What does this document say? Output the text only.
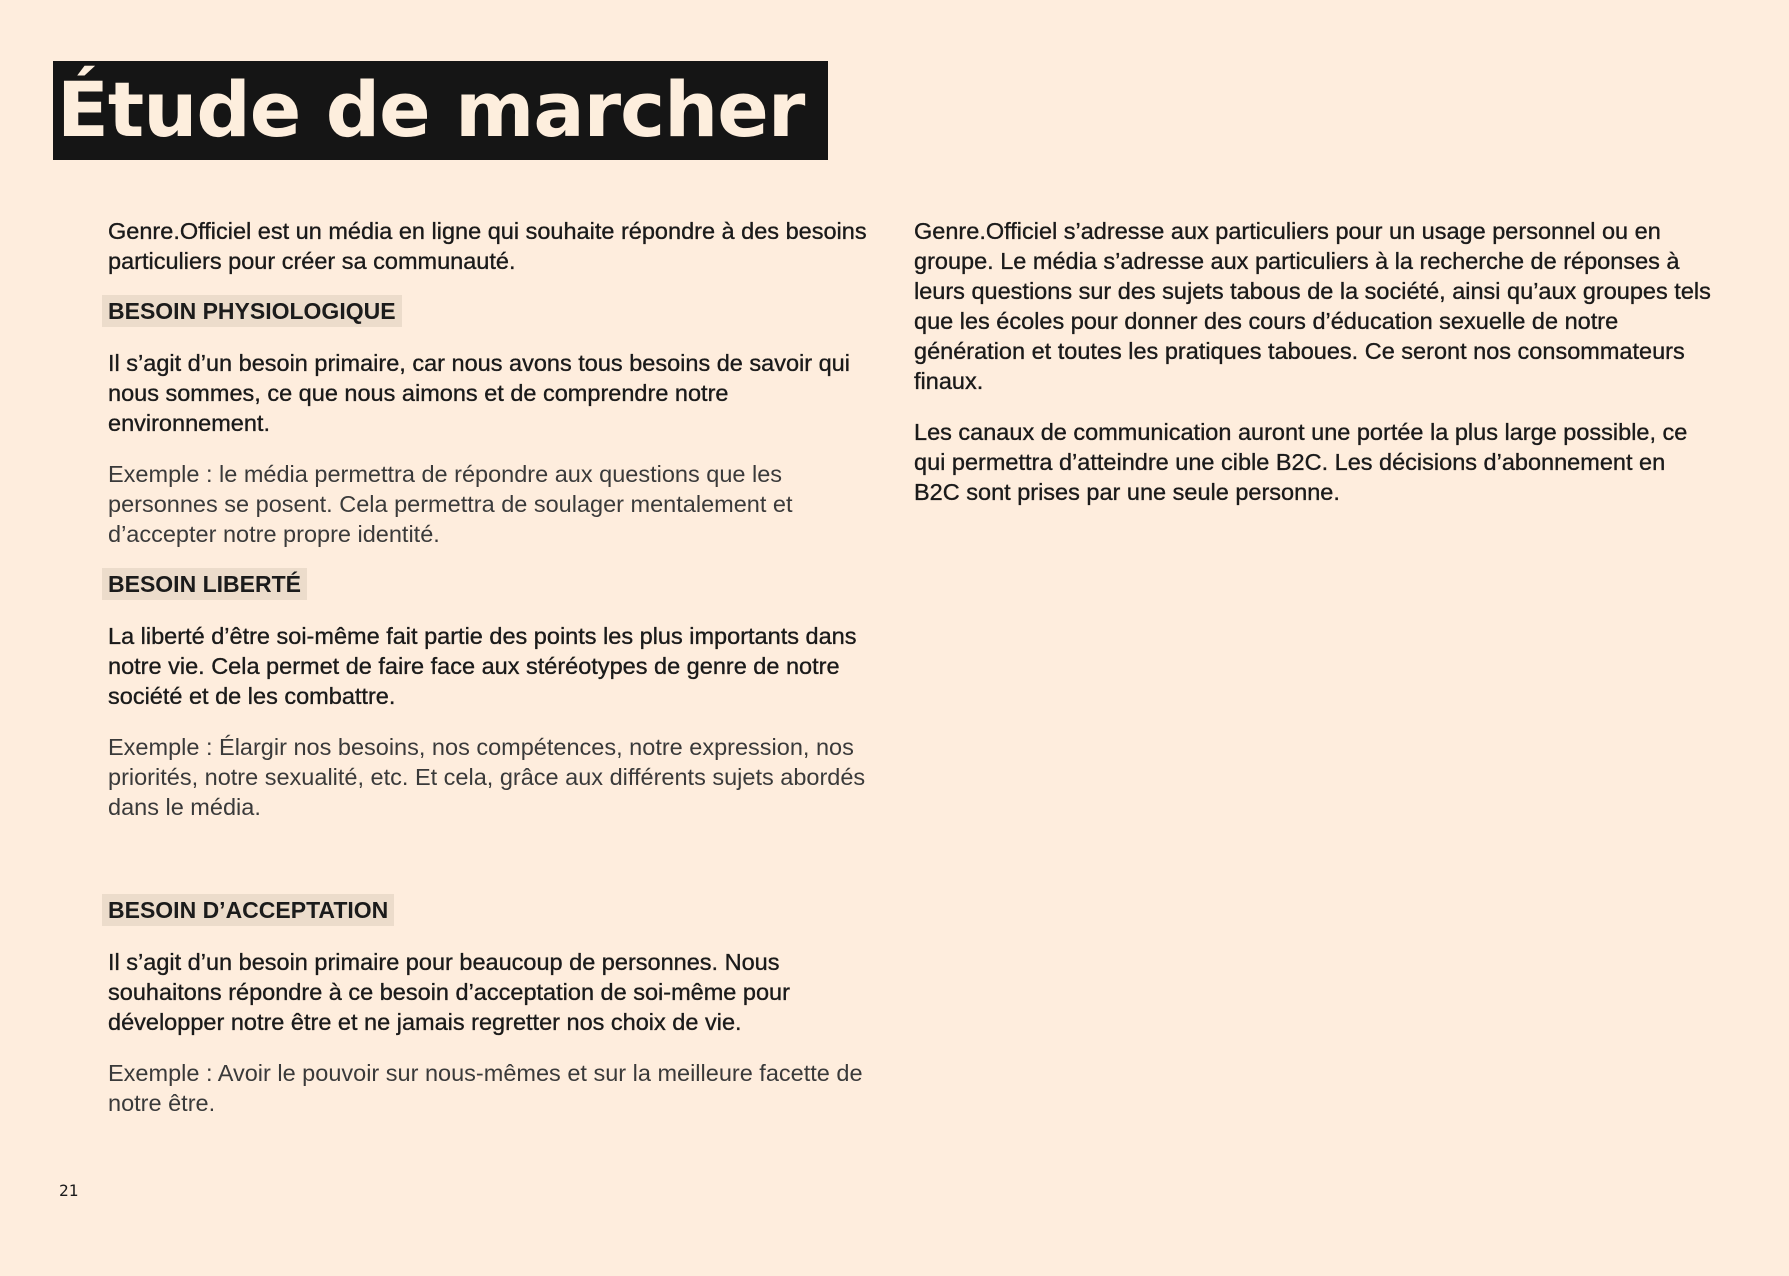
Étude de marcher

Genre.Officiel est un média en ligne qui souhaite répondre à des besoins particuliers pour créer sa communauté.

BESOIN PHYSIOLOGIQUE

Il s’agit d’un besoin primaire, car nous avons tous besoins de savoir qui nous sommes, ce que nous aimons et de comprendre notre environnement.

Exemple : le média permettra de répondre aux questions que les personnes se posent. Cela permettra de soulager mentalement et d’accepter notre propre identité.

BESOIN LIBERTÉ

La liberté d’être soi-même fait partie des points les plus importants dans notre vie. Cela permet de faire face aux stéréotypes de genre de notre société et de les combattre.

Exemple : Élargir nos besoins, nos compétences, notre expression, nos priorités, notre sexualité, etc. Et cela, grâce aux différents sujets abordés dans le média.

BESOIN D’ACCEPTATION

Il s’agit d’un besoin primaire pour beaucoup de personnes. Nous souhaitons répondre à ce besoin d’acceptation de soi-même pour développer notre être et ne jamais regretter nos choix de vie.

Exemple : Avoir le pouvoir sur nous-mêmes et sur la meilleure facette de notre être.

Genre.Officiel s’adresse aux particuliers pour un usage personnel ou en groupe. Le média s’adresse aux particuliers à la recherche de réponses à leurs questions sur des sujets tabous de la société, ainsi qu’aux groupes tels que les écoles pour donner des cours d’éducation sexuelle de notre génération et toutes les pratiques taboues. Ce seront nos consommateurs finaux.

Les canaux de communication auront une portée la plus large possible, ce qui permettra d’atteindre une cible B2C. Les décisions d’abonnement en B2C sont prises par une seule personne.

21
